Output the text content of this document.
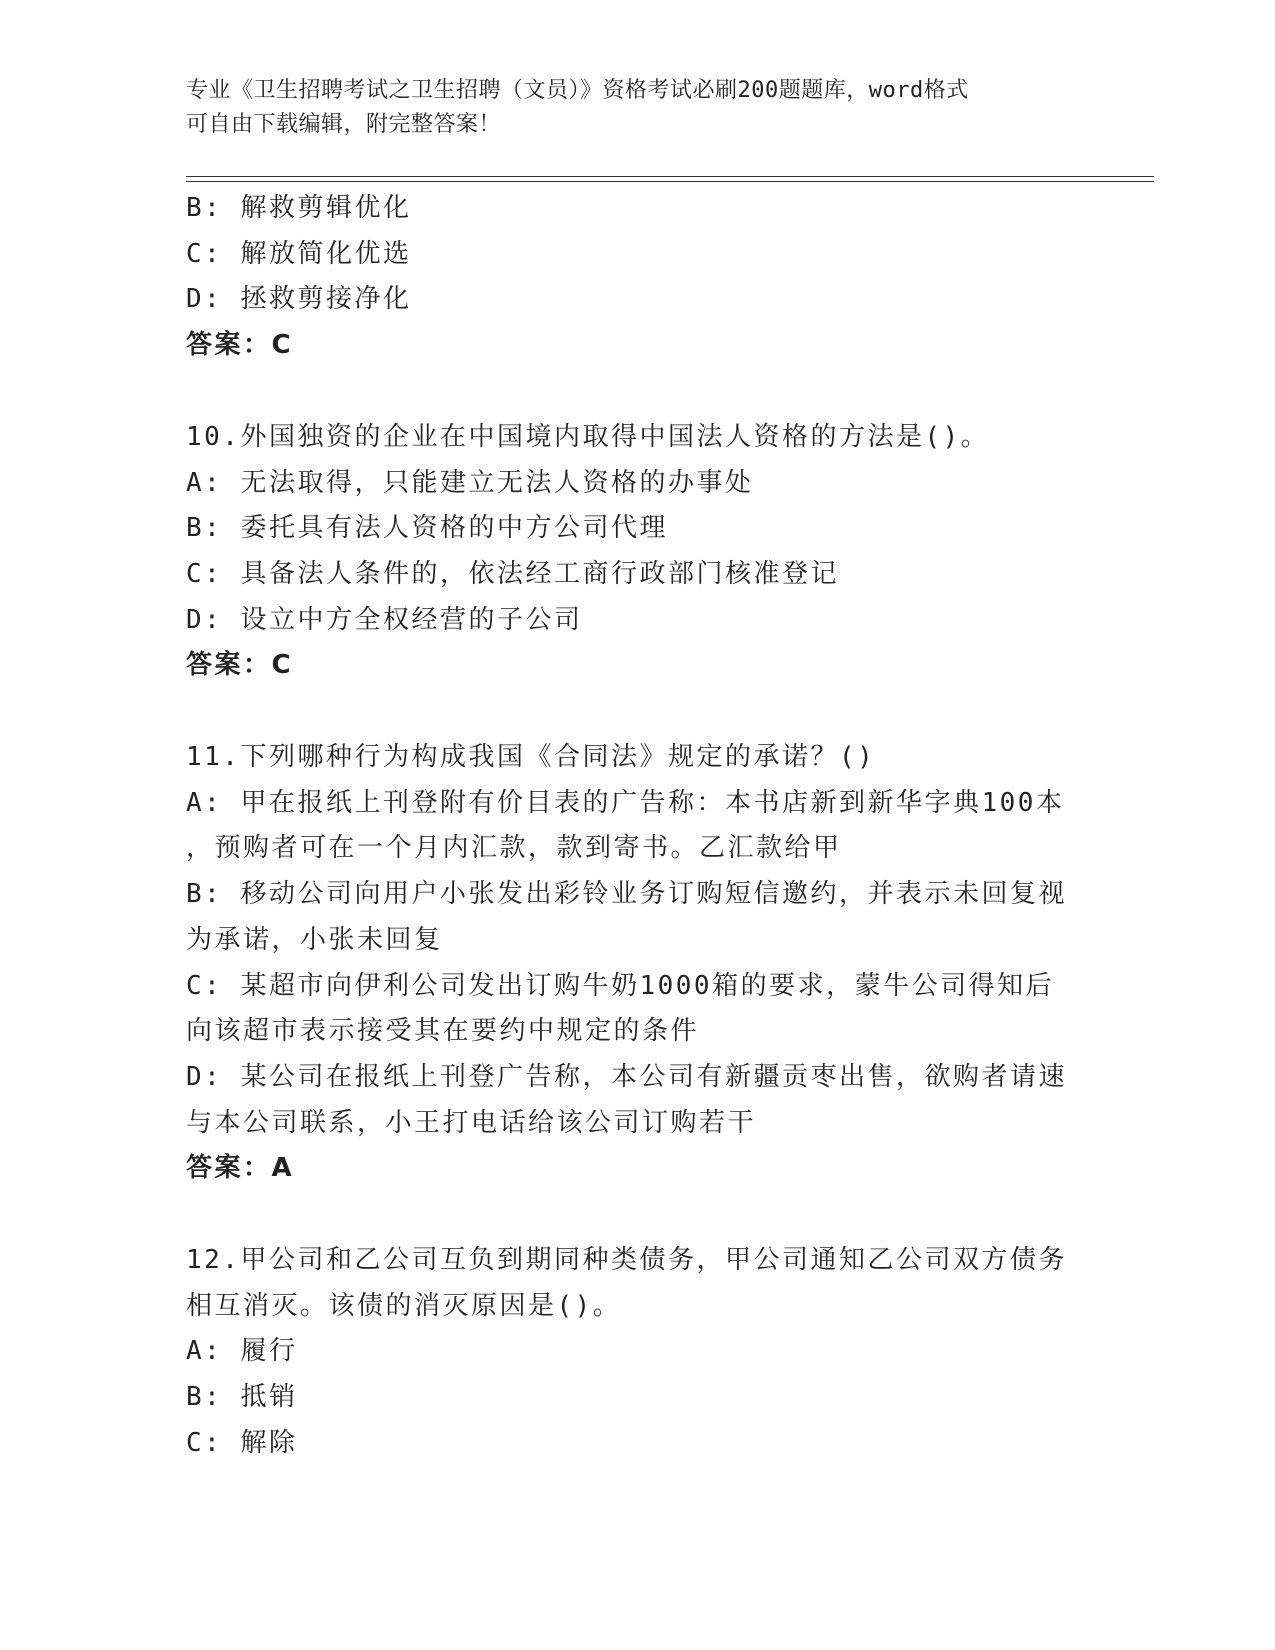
专业《卫生招聘考试之卫生招聘（文员）》资格考试必刷200题题库，word格式
可自由下载编辑，附完整答案！
B: 解救剪辑优化
C: 解放简化优选
D: 拯救剪接净化
答案：C
10.外国独资的企业在中国境内取得中国法人资格的方法是()。
A: 无法取得，只能建立无法人资格的办事处
B: 委托具有法人资格的中方公司代理
C: 具备法人条件的，依法经工商行政部门核准登记
D: 设立中方全权经营的子公司
答案：C
11.下列哪种行为构成我国《合同法》规定的承诺？()
A: 甲在报纸上刊登附有价目表的广告称：本书店新到新华字典100本
，预购者可在一个月内汇款，款到寄书。乙汇款给甲
B: 移动公司向用户小张发出彩铃业务订购短信邀约，并表示未回复视
为承诺，小张未回复
C: 某超市向伊利公司发出订购牛奶1000箱的要求，蒙牛公司得知后
向该超市表示接受其在要约中规定的条件
D: 某公司在报纸上刊登广告称，本公司有新疆贡枣出售，欲购者请速
与本公司联系，小王打电话给该公司订购若干
答案：A
12.甲公司和乙公司互负到期同种类债务，甲公司通知乙公司双方债务
相互消灭。该债的消灭原因是()。
A: 履行
B: 抵销
C: 解除
